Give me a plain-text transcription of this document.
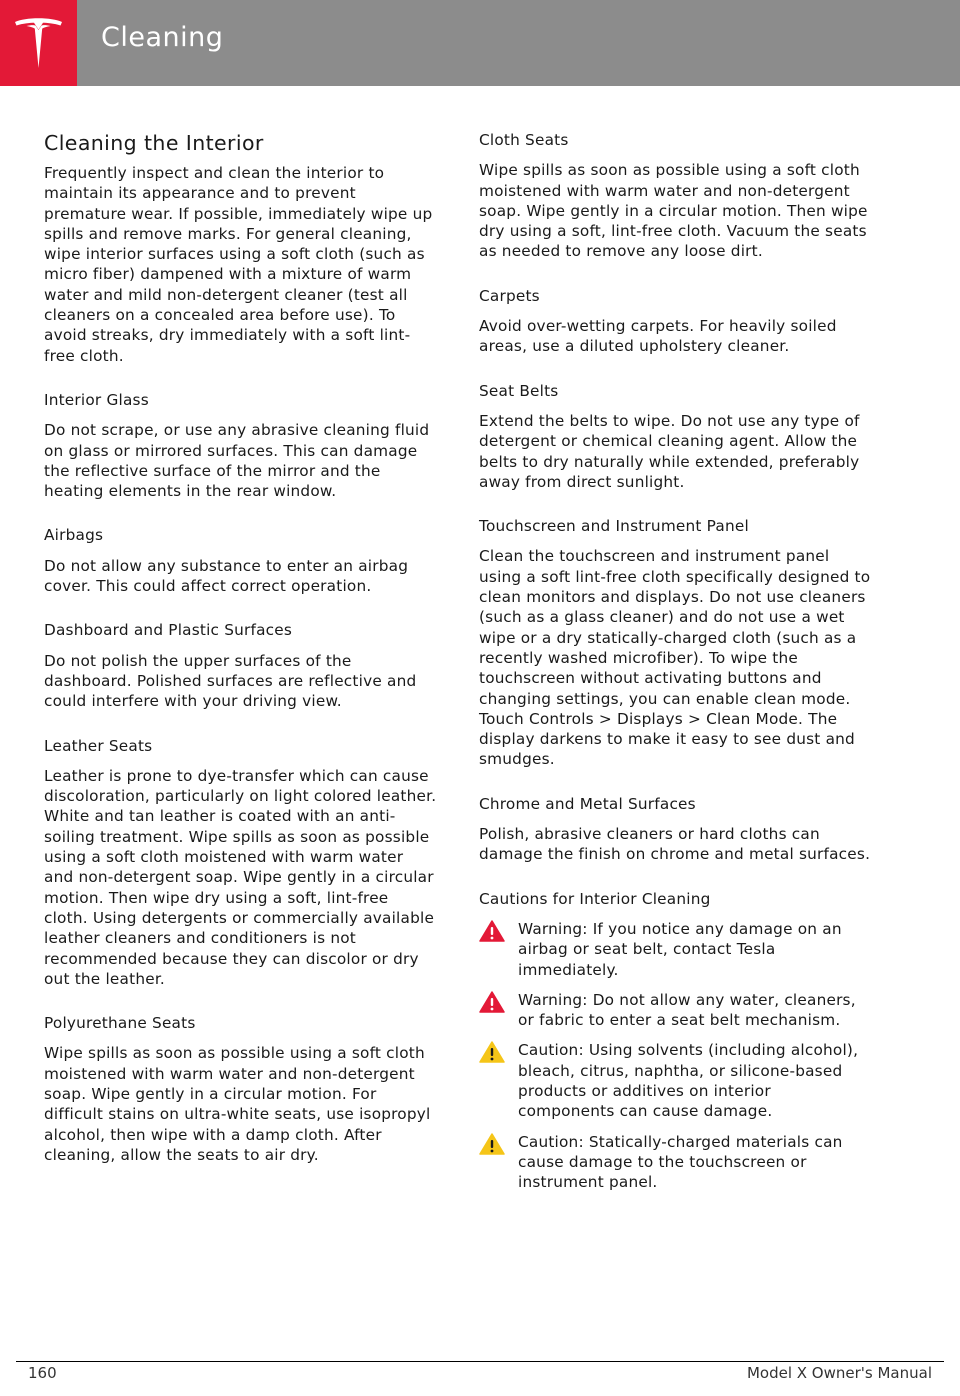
Cleaning
Cleaning the Interior
Frequently inspect and clean the interior to maintain its appearance and to prevent premature wear. If possible, immediately wipe up spills and remove marks. For general cleaning, wipe interior surfaces using a soft cloth (such as micro fiber) dampened with a mixture of warm water and mild non-detergent cleaner (test all cleaners on a concealed area before use). To avoid streaks, dry immediately with a soft lint-free cloth.
Interior Glass
Do not scrape, or use any abrasive cleaning fluid on glass or mirrored surfaces. This can damage the reflective surface of the mirror and the heating elements in the rear window.
Airbags
Do not allow any substance to enter an airbag cover. This could affect correct operation.
Dashboard and Plastic Surfaces
Do not polish the upper surfaces of the dashboard. Polished surfaces are reflective and could interfere with your driving view.
Leather Seats
Leather is prone to dye-transfer which can cause discoloration, particularly on light colored leather. White and tan leather is coated with an anti-soiling treatment. Wipe spills as soon as possible using a soft cloth moistened with warm water and non-detergent soap. Wipe gently in a circular motion. Then wipe dry using a soft, lint-free cloth. Using detergents or commercially available leather cleaners and conditioners is not recommended because they can discolor or dry out the leather.
Polyurethane Seats
Wipe spills as soon as possible using a soft cloth moistened with warm water and non-detergent soap. Wipe gently in a circular motion. For difficult stains on ultra-white seats, use isopropyl alcohol, then wipe with a damp cloth. After cleaning, allow the seats to air dry.
Cloth Seats
Wipe spills as soon as possible using a soft cloth moistened with warm water and non-detergent soap. Wipe gently in a circular motion. Then wipe dry using a soft, lint-free cloth. Vacuum the seats as needed to remove any loose dirt.
Carpets
Avoid over-wetting carpets. For heavily soiled areas, use a diluted upholstery cleaner.
Seat Belts
Extend the belts to wipe. Do not use any type of detergent or chemical cleaning agent. Allow the belts to dry naturally while extended, preferably away from direct sunlight.
Touchscreen and Instrument Panel
Clean the touchscreen and instrument panel using a soft lint-free cloth specifically designed to clean monitors and displays. Do not use cleaners (such as a glass cleaner) and do not use a wet wipe or a dry statically-charged cloth (such as a recently washed microfiber). To wipe the touchscreen without activating buttons and changing settings, you can enable clean mode. Touch Controls > Displays > Clean Mode. The display darkens to make it easy to see dust and smudges.
Chrome and Metal Surfaces
Polish, abrasive cleaners or hard cloths can damage the finish on chrome and metal surfaces.
Cautions for Interior Cleaning
Warning: If you notice any damage on an airbag or seat belt, contact Tesla immediately.
Warning: Do not allow any water, cleaners, or fabric to enter a seat belt mechanism.
Caution: Using solvents (including alcohol), bleach, citrus, naphtha, or silicone-based products or additives on interior components can cause damage.
Caution: Statically-charged materials can cause damage to the touchscreen or instrument panel.
160	Model X Owner's Manual
